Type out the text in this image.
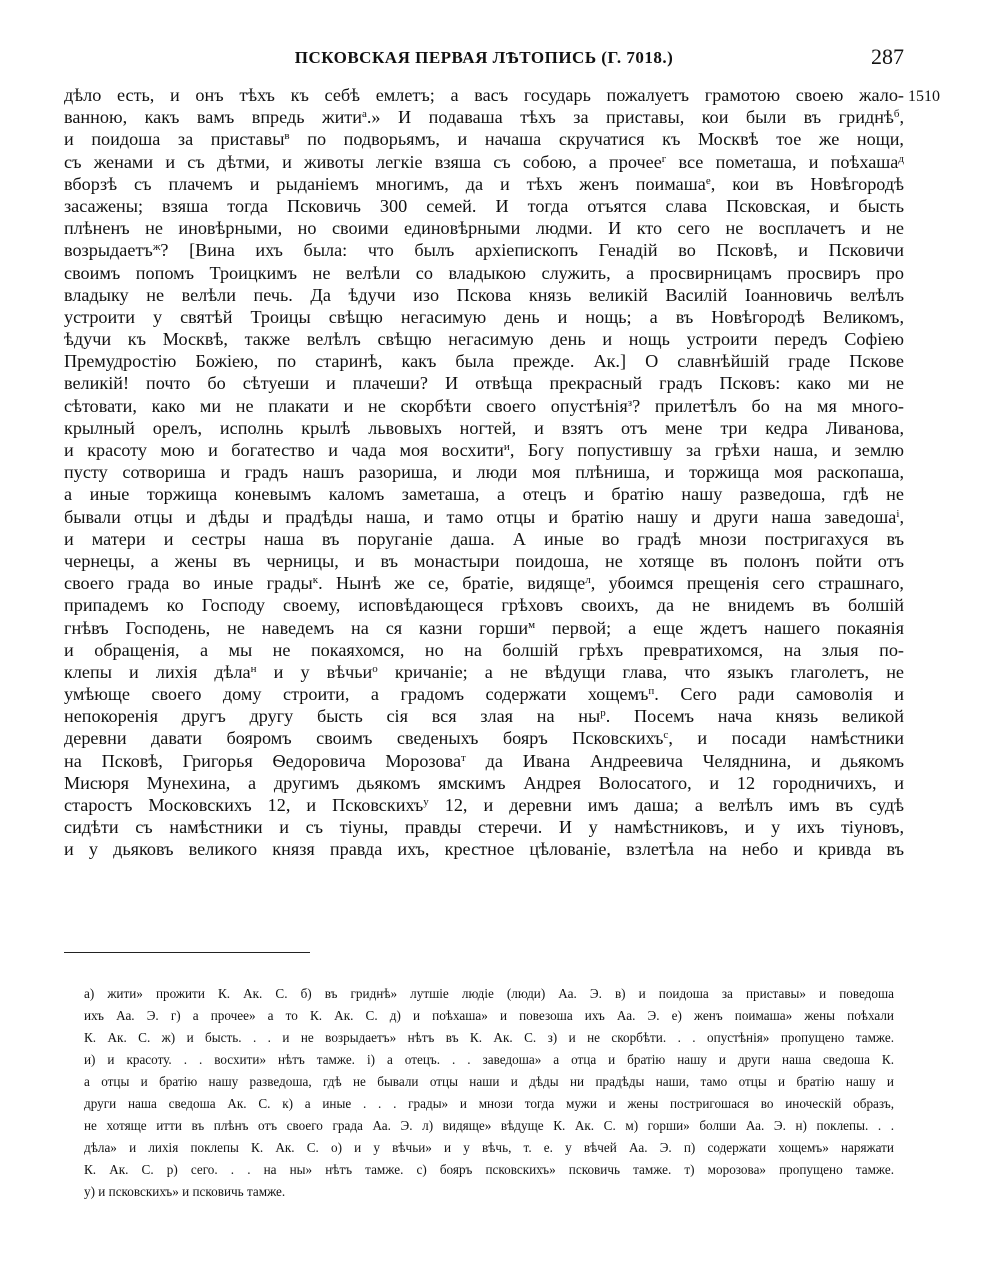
ПСКОВСКАЯ ПЕРВАЯ ЛѢТОПИСЬ (Г. 7018.)	287
1510
дѣло есть, и онъ тѣхъ къ себѣ емлетъ; а васъ государь пожалуетъ грамотою своею жало-
ванною, какъ вамъ впредь жити$^а$.» И подаваша тѣхъ за приставы, кои были въ гриднѣ$^б$,
и поидоша за приставы$^в$ по подворьямъ, и начаша скручатися къ Москвѣ тое же нощи,
съ женами и съ дѣтми, и животы легкіе взяша съ собою, а прочее$^г$ все пометаша, и поѣхаша$^д$
вборзѣ съ плачемъ и рыданіемъ многимъ, да и тѣхъ женъ поимаша$^е$, кои въ Новѣгородѣ
засажены; взяша тогда Псковичь 300 семей. И тогда отъятся слава Псковская, и бысть
плѣненъ не иновѣрными, но своими единовѣрными людми. И кто сего не восплачетъ и не
возрыдаетъ$^ж$? [Вина ихъ была: что былъ архіепископъ Генадій во Псковѣ, и Псковичи
своимъ попомъ Троицкимъ не велѣли со владыкою служить, а просвирницамъ просвиръ про
владыку не велѣли печь. Да ѣдучи изо Пскова князь великій Василій Іоанновичь велѣлъ
устроити у святѣй Троицы свѣщю негасимую день и нощь; а въ Новѣгородѣ Великомъ,
ѣдучи къ Москвѣ, также велѣлъ свѣщю негасимую день и нощь устроити передъ Софіею
Премудростію Божіею, по старинѣ, какъ была прежде. Ак.] О славнѣйшій граде Пскове
великій! почто бо сѣтуеши и плачеши? И отвѣща прекрасный градъ Псковъ: како ми не
сѣтовати, како ми не плакати и не скорбѣти своего опустѣнія$^з$? прилетѣлъ бо на мя много-
крылный орелъ, исполнь крылѣ львовыхъ ногтей, и взятъ отъ мене три кедра Ливанова,
и красоту мою и богатество и чада моя восхити$^и$, Богу попустившу за грѣхи наша, и землю
пусту сотвориша и градъ нашъ разориша, и люди моя плѣниша, и торжища моя раскопаша,
а иные торжища коневымъ каломъ заметаша, а отецъ и братію нашу разведоша, гдѣ не
бывали отцы и дѣды и прадѣды наша, и тамо отцы и братію нашу и други наша заведоша$^і$,
и матери и сестры наша въ поруганіе даша. А иные во градѣ мнози постригахуся въ
чернецы, а жены въ черницы, и въ монастыри поидоша, не хотяще въ полонъ пойти отъ
своего града во иные грады$^к$. Нынѣ же се, братіе, видяще$^л$, убоимся прещенія сего страшнаго,
припадемъ ко Господу своему, исповѣдающеся грѣховъ своихъ, да не внидемъ въ болшій
гнѣвъ Господень, не наведемъ на ся казни горши$^м$ первой; а еще ждетъ нашего покаянія
и обращенія, а мы не покаяхомся, но на болшій грѣхъ превратихомся, на злыя по-
клепы и лихія дѣла$^н$ и у вѣчьи$^о$ кричаніе; а не вѣдущи глава, что языкъ глаголетъ, не
умѣюще своего дому строити, а градомъ содержати хощемъ$^п$. Сего ради самоволія и
непокоренія другъ другу бысть сія вся злая на $ны^р$. Посемъ нача князь великой
деревни давати бояромъ своимъ сведеныхъ бояръ Псковскихъ$^с$, и посади намѣстники
на Псковѣ, Григорья Ѳедоровича Морозова$^т$ да Ивана Андреевича Челяднина, и дьякомъ
Мисюря Мунехина, а другимъ дьякомъ ямскимъ Андрея Волосатого, и 12 городничихъ, и
старостъ Московскихъ 12, и Псковскихъ$^у$ 12, и деревни имъ даша; а велѣлъ имъ въ судѣ
сидѣти съ намѣстники и съ тіуны, правды стеречи. И у намѣстниковъ, и у ихъ тіуновъ,
и у дьяковъ великого князя правда ихъ, крестное цѣлованіе, взлетѣла на небо и кривда въ
а) жити» прожити К. Ак. С. б) въ гриднѣ» лутшіе людіе (люди) Аа. Э. в) и поидоша за приставы» и поведоша
ихъ Аа. Э. г) а прочее» а то К. Ак. С. д) и поѣхаша» и повезоша ихъ Аа. Э. е) женъ поимаша» жены поѣхали
К. Ак. С. ж) и бысть. . . и не возрыдаетъ» нѣтъ въ К. Ак. С. з) и не скорбѣти. . . опустѣнія» пропущено тамже.
и) и красоту. . . восхити» нѣтъ тамже. і) а отецъ. . . заведоша» а отца и братію нашу и други наша сведоша К.
а отцы и братію нашу разведоша, гдѣ не бывали отцы наши и дѣды ни прадѣды наши, тамо отцы и братію нашу и
други наша сведоша Ак. С. к) а иные . . . грады» и мнози тогда мужи и жены постригошася во иноческій образъ,
не хотяще итти въ плѣнъ отъ своего града Аа. Э. л) видяще» вѣдуще К. Ак. С. м) горши» болши Аа. Э. н) поклепы. . .
дѣла» и лихія поклепы К. Ак. С. о) и у вѣчьи» и у вѣчь, т. е. у вѣчей Аа. Э. п) содержати хощемъ» наряжати
К. Ак. С. р) сего. . . на ны» нѣтъ тамже. с) бояръ псковскихъ» псковичь тамже. т) морозова» пропущено тамже.
у) и псковскихъ» и псковичь тамже.
